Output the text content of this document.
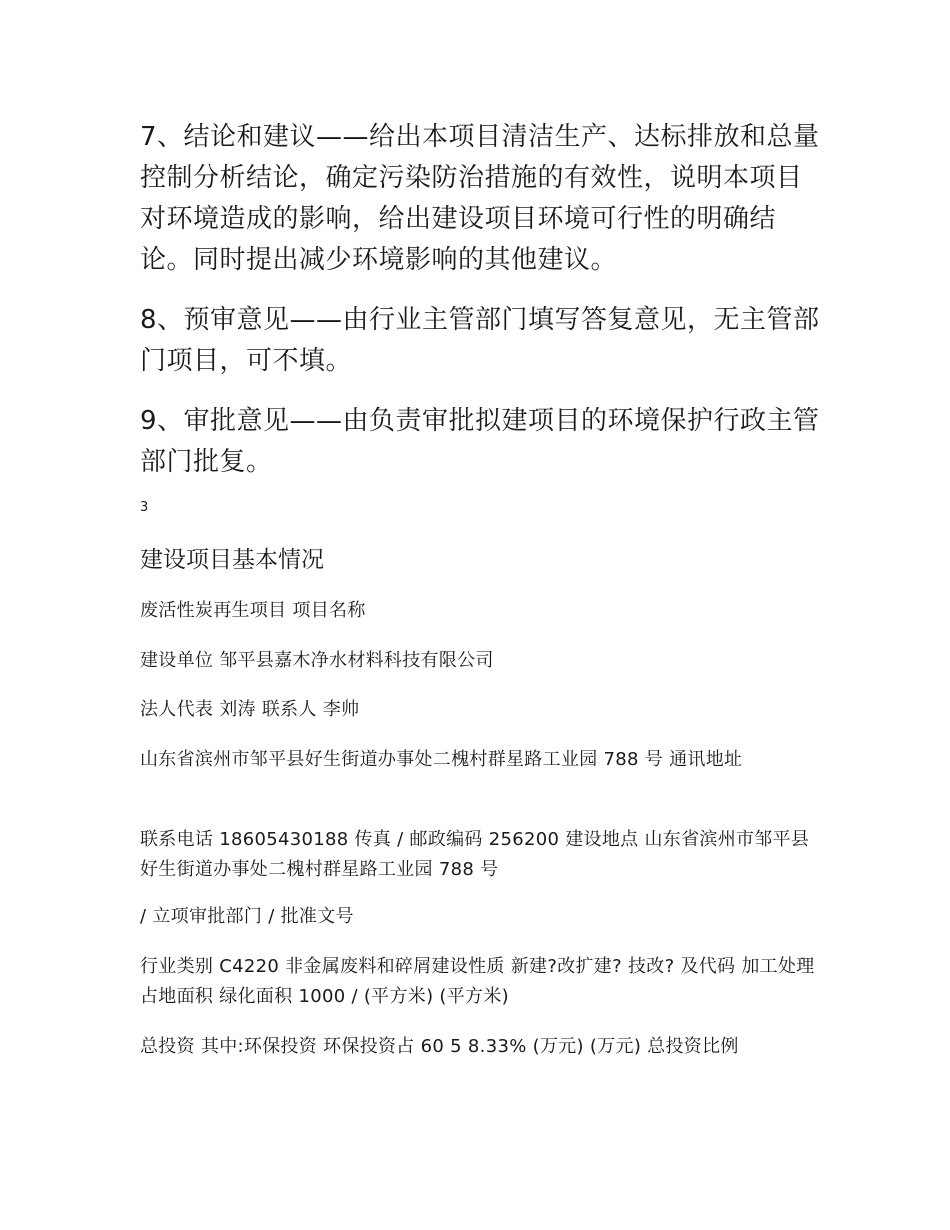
7、结论和建议——给出本项目清洁生产、达标排放和总量控制分析结论，确定污染防治措施的有效性，说明本项目对环境造成的影响，给出建设项目环境可行性的明确结论。同时提出减少环境影响的其他建议。

8、预审意见——由行业主管部门填写答复意见，无主管部门项目，可不填。

9、审批意见——由负责审批拟建项目的环境保护行政主管部门批复。

3
建设项目基本情况

废活性炭再生项目 项目名称

建设单位 邹平县嘉木净水材料科技有限公司

法人代表 刘涛 联系人 李帅

山东省滨州市邹平县好生街道办事处二槐村群星路工业园 788 号 通讯地址

联系电话 18605430188 传真 / 邮政编码 256200 建设地点 山东省滨州市邹平县好生街道办事处二槐村群星路工业园 788 号

/ 立项审批部门 / 批准文号

行业类别 C4220 非金属废料和碎屑建设性质 新建?改扩建? 技改? 及代码 加工处理 占地面积 绿化面积 1000 / (平方米) (平方米)

总投资 其中:环保投资 环保投资占 60 5 8.33% (万元) (万元) 总投资比例
